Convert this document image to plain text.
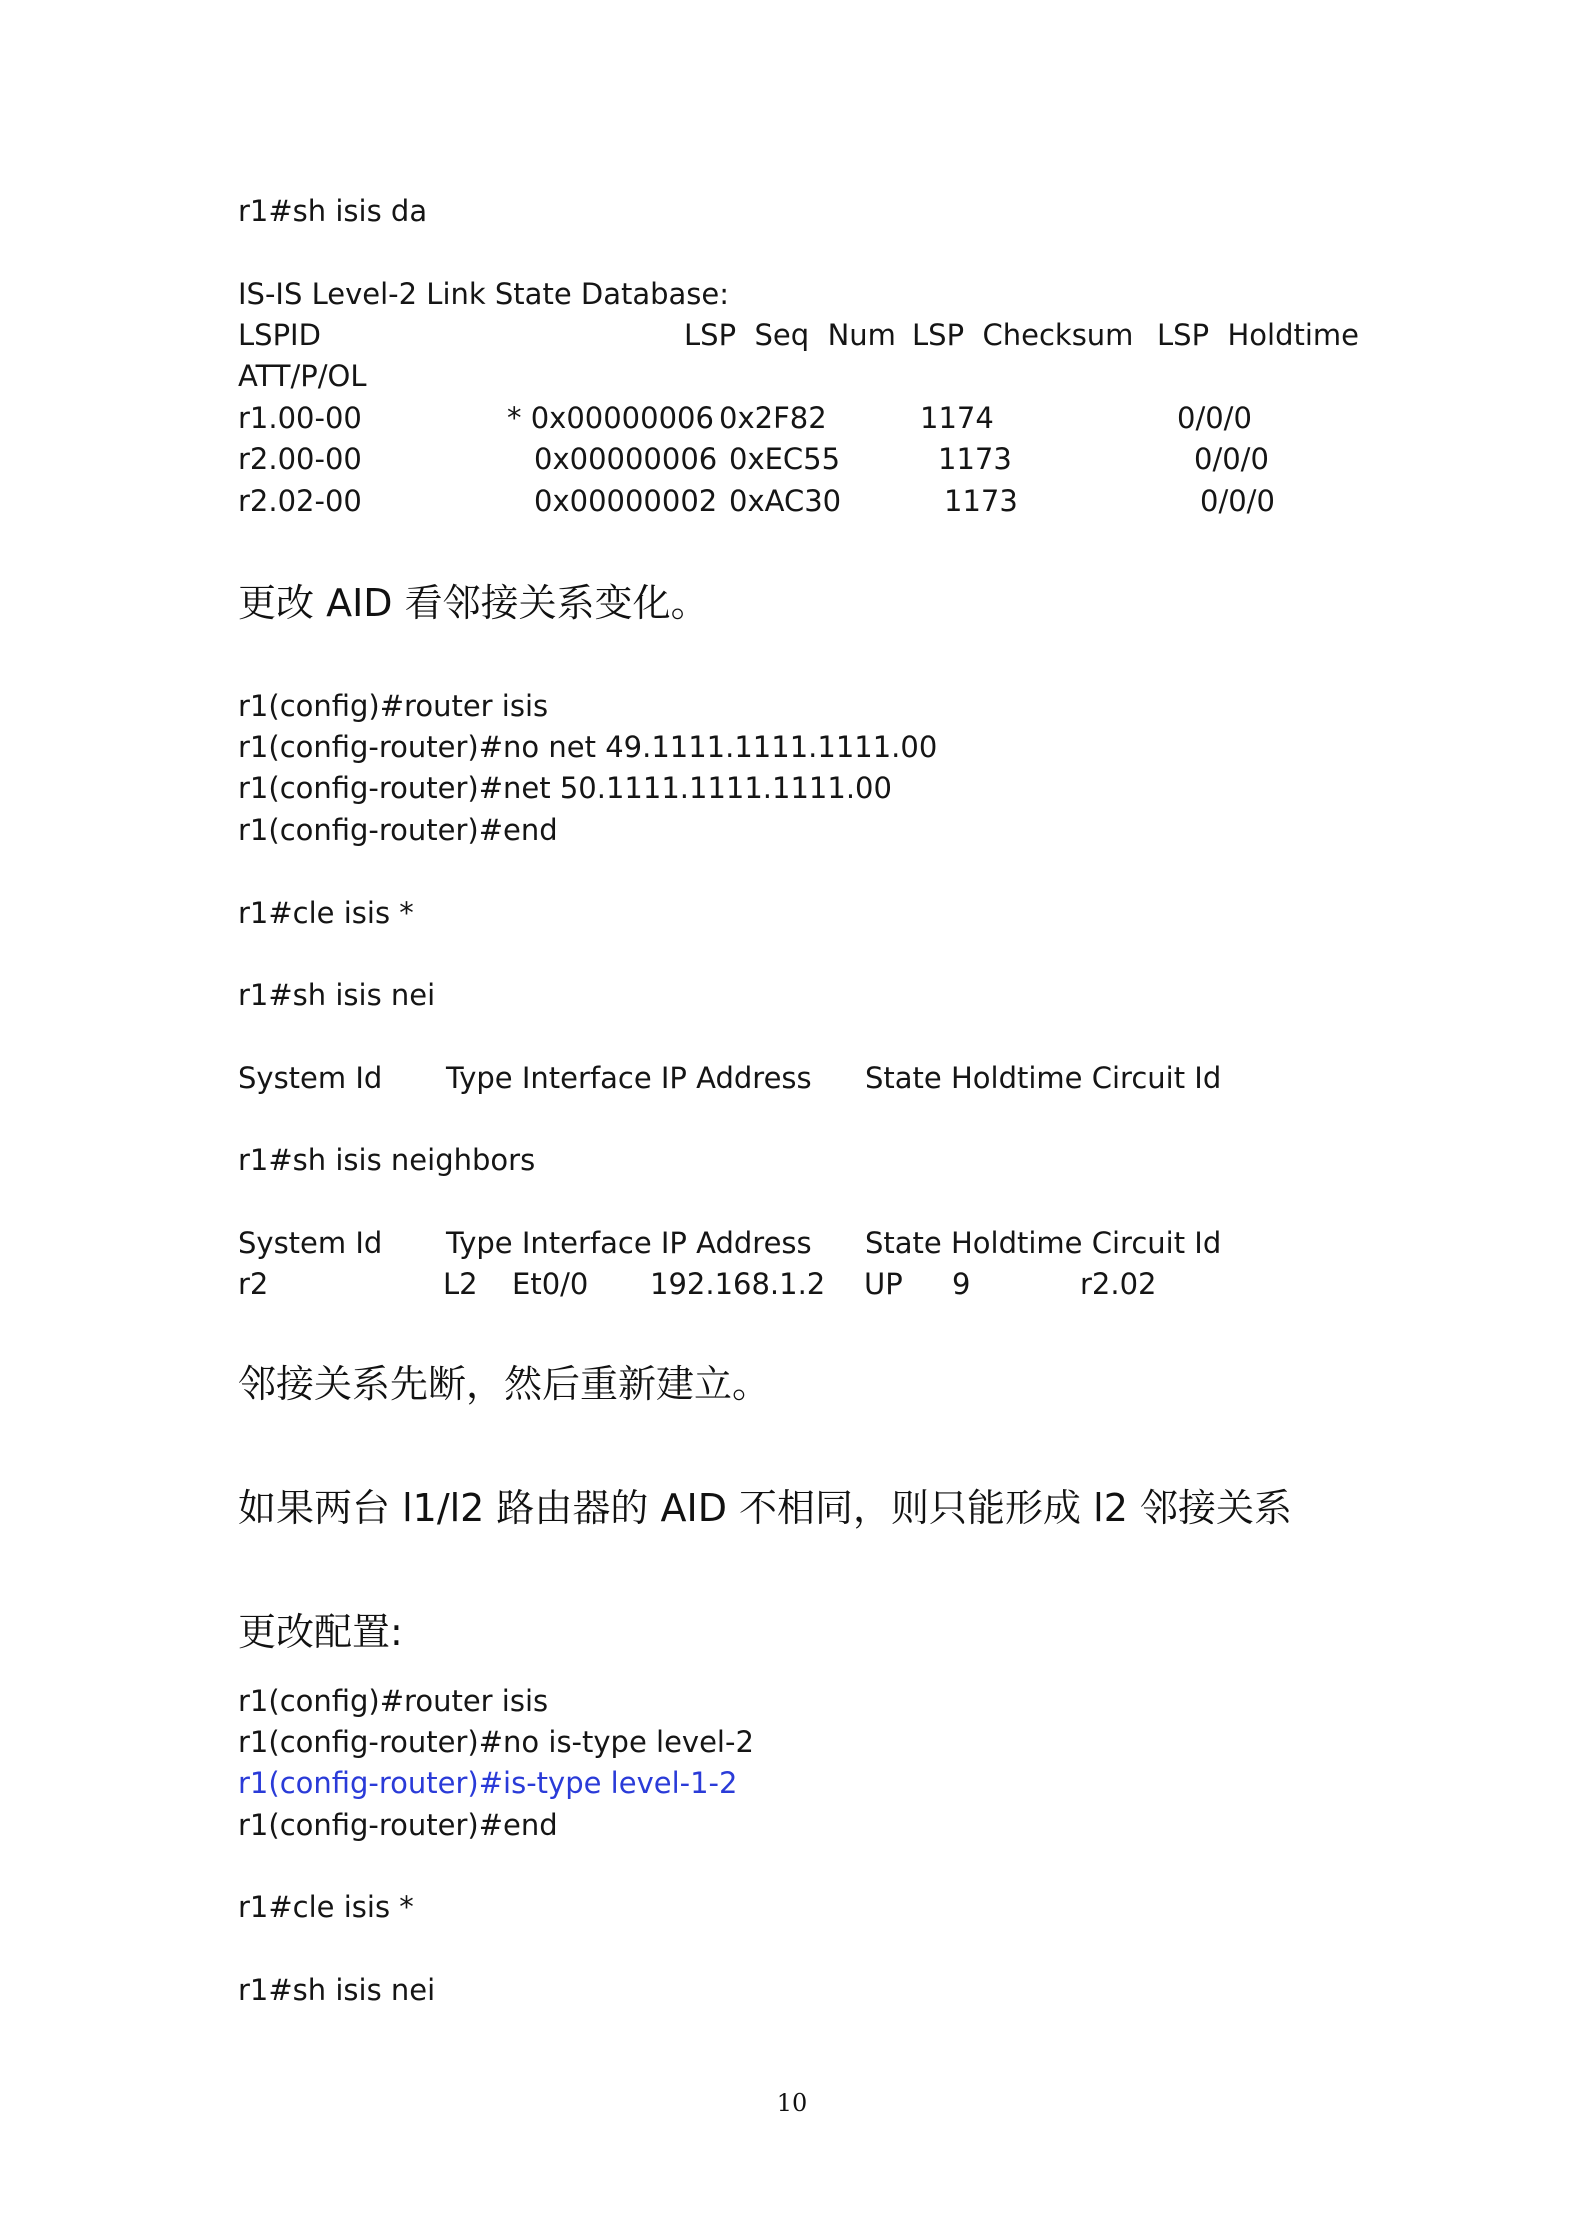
r1#sh isis da
IS-IS Level-2 Link State Database:
LSPID	LSP  Seq  Num LSP  Checksum LSP  Holdtime
ATT/P/OL
r1.00-00	* 0x00000006 0x2F82	1174	0/0/0
r2.00-00	0x00000006 0xEC55	1173	0/0/0
r2.02-00	0x00000002 0xAC30	1173	0/0/0
更改 AID 看邻接关系变化。
r1(config)#router isis
r1(config-router)#no net 49.1111.1111.1111.00
r1(config-router)#net 50.1111.1111.1111.00
r1(config-router)#end
r1#cle isis *
r1#sh isis nei
System Id Type Interface IP Address State Holdtime Circuit Id
r1#sh isis neighbors
System Id Type Interface IP Address State Holdtime Circuit Id
r2	L2 Et0/0 192.168.1.2 UP 9	r2.02
邻接关系先断，然后重新建立。
如果两台 l1/l2 路由器的 AID 不相同，则只能形成 l2 邻接关系
更改配置:
r1(config)#router isis
r1(config-router)#no is-type level-2
r1(config-router)#is-type level-1-2
r1(config-router)#end
r1#cle isis *
r1#sh isis nei
10
